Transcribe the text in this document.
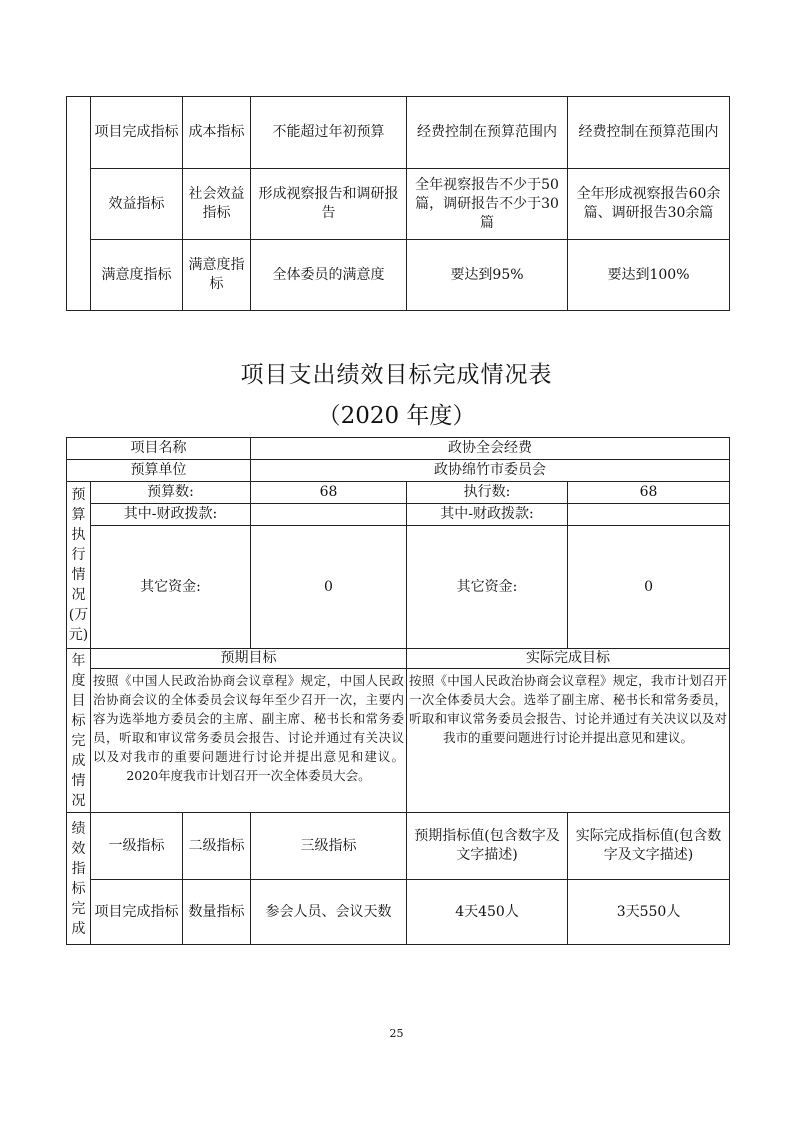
	项目完成指标	成本指标	不能超过年初预算	经费控制在预算范围内	经费控制在预算范围内
	效益指标	社会效益指标	形成视察报告和调研报告	全年视察报告不少于50篇，调研报告不少于30篇	全年形成视察报告60余篇、调研报告30余篇
	满意度指标	满意度指标	全体委员的满意度	要达到95%	要达到100%
项目支出绩效目标完成情况表
（2020 年度）
项目名称			政协全会经费		
预算单位			政协绵竹市委员会		
预算执行情况(万元)	预算数:		68	执行数:	68
	其中-财政拨款:			其中-财政拨款:	
	其它资金:		0	其它资金:	0
年度目标完成情况	预期目标			实际完成目标	
	按照《中国人民政治协商会议章程》规定，中国人民政治协商会议的全体委员会议每年至少召开一次，主要内容为选举地方委员会的主席、副主席、秘书长和常务委员，听取和审议常务委员会报告、讨论并通过有关决议以及对我市的重要问题进行讨论并提出意见和建议。2020年度我市计划召开一次全体委员大会。			按照《中国人民政治协商会议章程》规定，我市计划召开一次全体委员大会。选举了副主席、秘书长和常务委员，听取和审议常务委员会报告、讨论并通过有关决议以及对我市的重要问题进行讨论并提出意见和建议。	
绩效指标完成	一级指标	二级指标	三级指标	预期指标值(包含数字及文字描述)	实际完成指标值(包含数字及文字描述)
	项目完成指标	数量指标	参会人员、会议天数	4天450人	3天550人
25
